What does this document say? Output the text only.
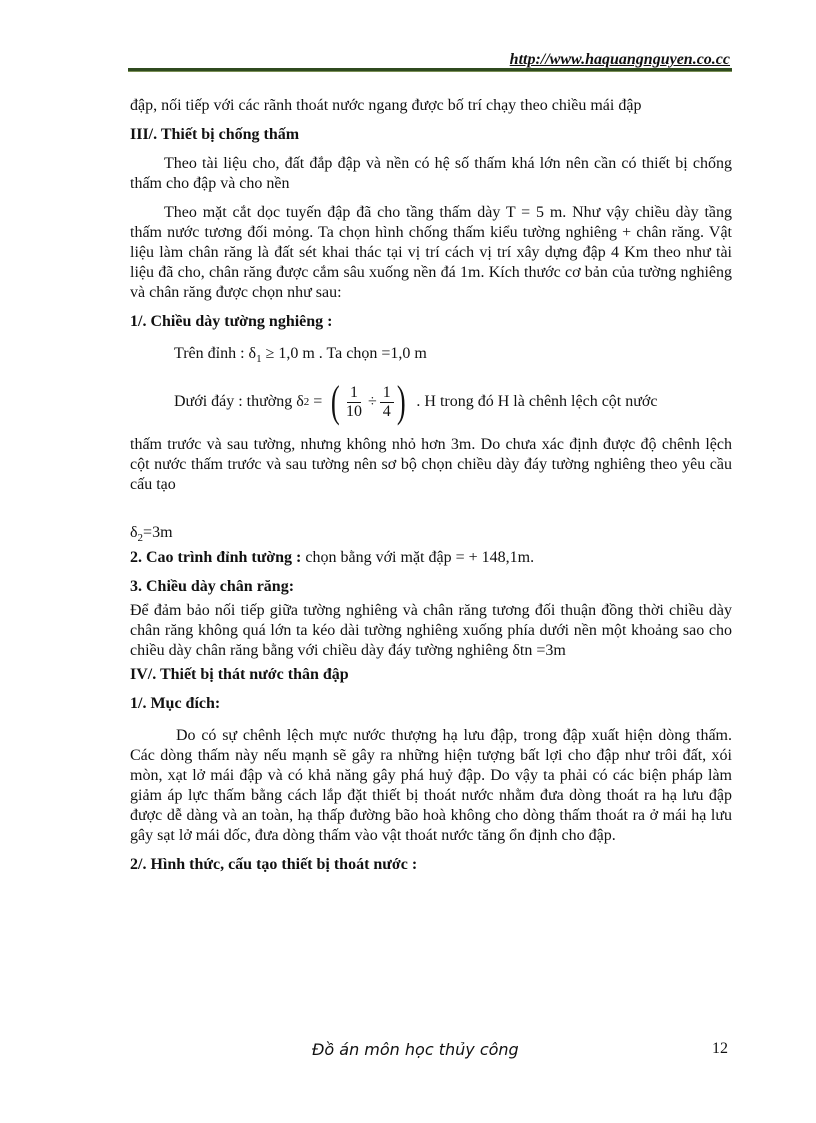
http://www.haquangnguyen.co.cc

đập, nối tiếp với các rãnh thoát nước ngang được bố trí chạy theo chiều mái đập

III/. Thiết bị chống thấm

Theo tài liệu cho, đất đắp đập và nền có hệ số thấm khá lớn nên cần có thiết bị chống thấm cho đập và cho nền

Theo mặt cắt dọc tuyến đập đã cho tầng thấm dày T = 5 m. Như vậy chiều dày tầng thấm nước tương đối mỏng. Ta chọn hình chống thấm kiểu tường nghiêng + chân răng. Vật liệu làm chân răng là đất sét khai thác tại vị trí cách vị trí xây dựng đập 4 Km theo như tài liệu đã cho, chân răng được cắm sâu xuống nền đá 1m. Kích thước cơ bản của tường nghiêng và chân răng được chọn như sau:

1/. Chiều dày tường nghiêng :

Trên đỉnh : $\delta_1 \ge 1,0$ m . Ta chọn =1,0 m

Dưới đáy : thường δ 2 = ( $\frac{1}{10} \div \frac{1}{4}$ ) . H trong đó H là chênh lệch cột nước

thấm trước và sau tường, nhưng không nhỏ hơn 3m. Do chưa xác định được độ chênh lệch cột nước thấm trước và sau tường nên sơ bộ chọn chiều dày đáy tường nghiêng theo yêu cầu cấu tạo

$\delta_2=3m$

2. Cao trình đỉnh tường : chọn bằng với mặt đập = + 148,1m.

3. Chiều dày chân răng:

Để đảm bảo nối tiếp giữa tường nghiêng và chân răng tương đối thuận đồng thời chiều dày chân răng không quá lớn ta kéo dài tường nghiêng xuống phía dưới nền một khoảng sao cho chiều dày chân răng bằng với chiều dày đáy tường nghiêng δtn =3m

IV/. Thiết bị thát nước thân đập
1/. Mục đích:

Do có sự chênh lệch mực nước thượng hạ lưu đập, trong đập xuất hiện dòng thấm. Các dòng thấm này nếu mạnh sẽ gây ra những hiện tượng bất lợi cho đập như trôi đất, xói mòn, xạt lở mái đập và có khả năng gây phá huỷ đập. Do vậy ta phải có các biện pháp làm giảm áp lực thấm bằng cách lắp đặt thiết bị thoát nước nhằm đưa dòng thoát ra hạ lưu đập được dễ dàng và an toàn, hạ thấp đường bão hoà không cho dòng thấm thoát ra ở mái hạ lưu gây sạt lở mái dốc, đưa dòng thấm vào vật thoát nước tăng ổn định cho đập.

2/. Hình thức, cấu tạo thiết bị thoát nước :
Đồ án môn học thủy công	12
